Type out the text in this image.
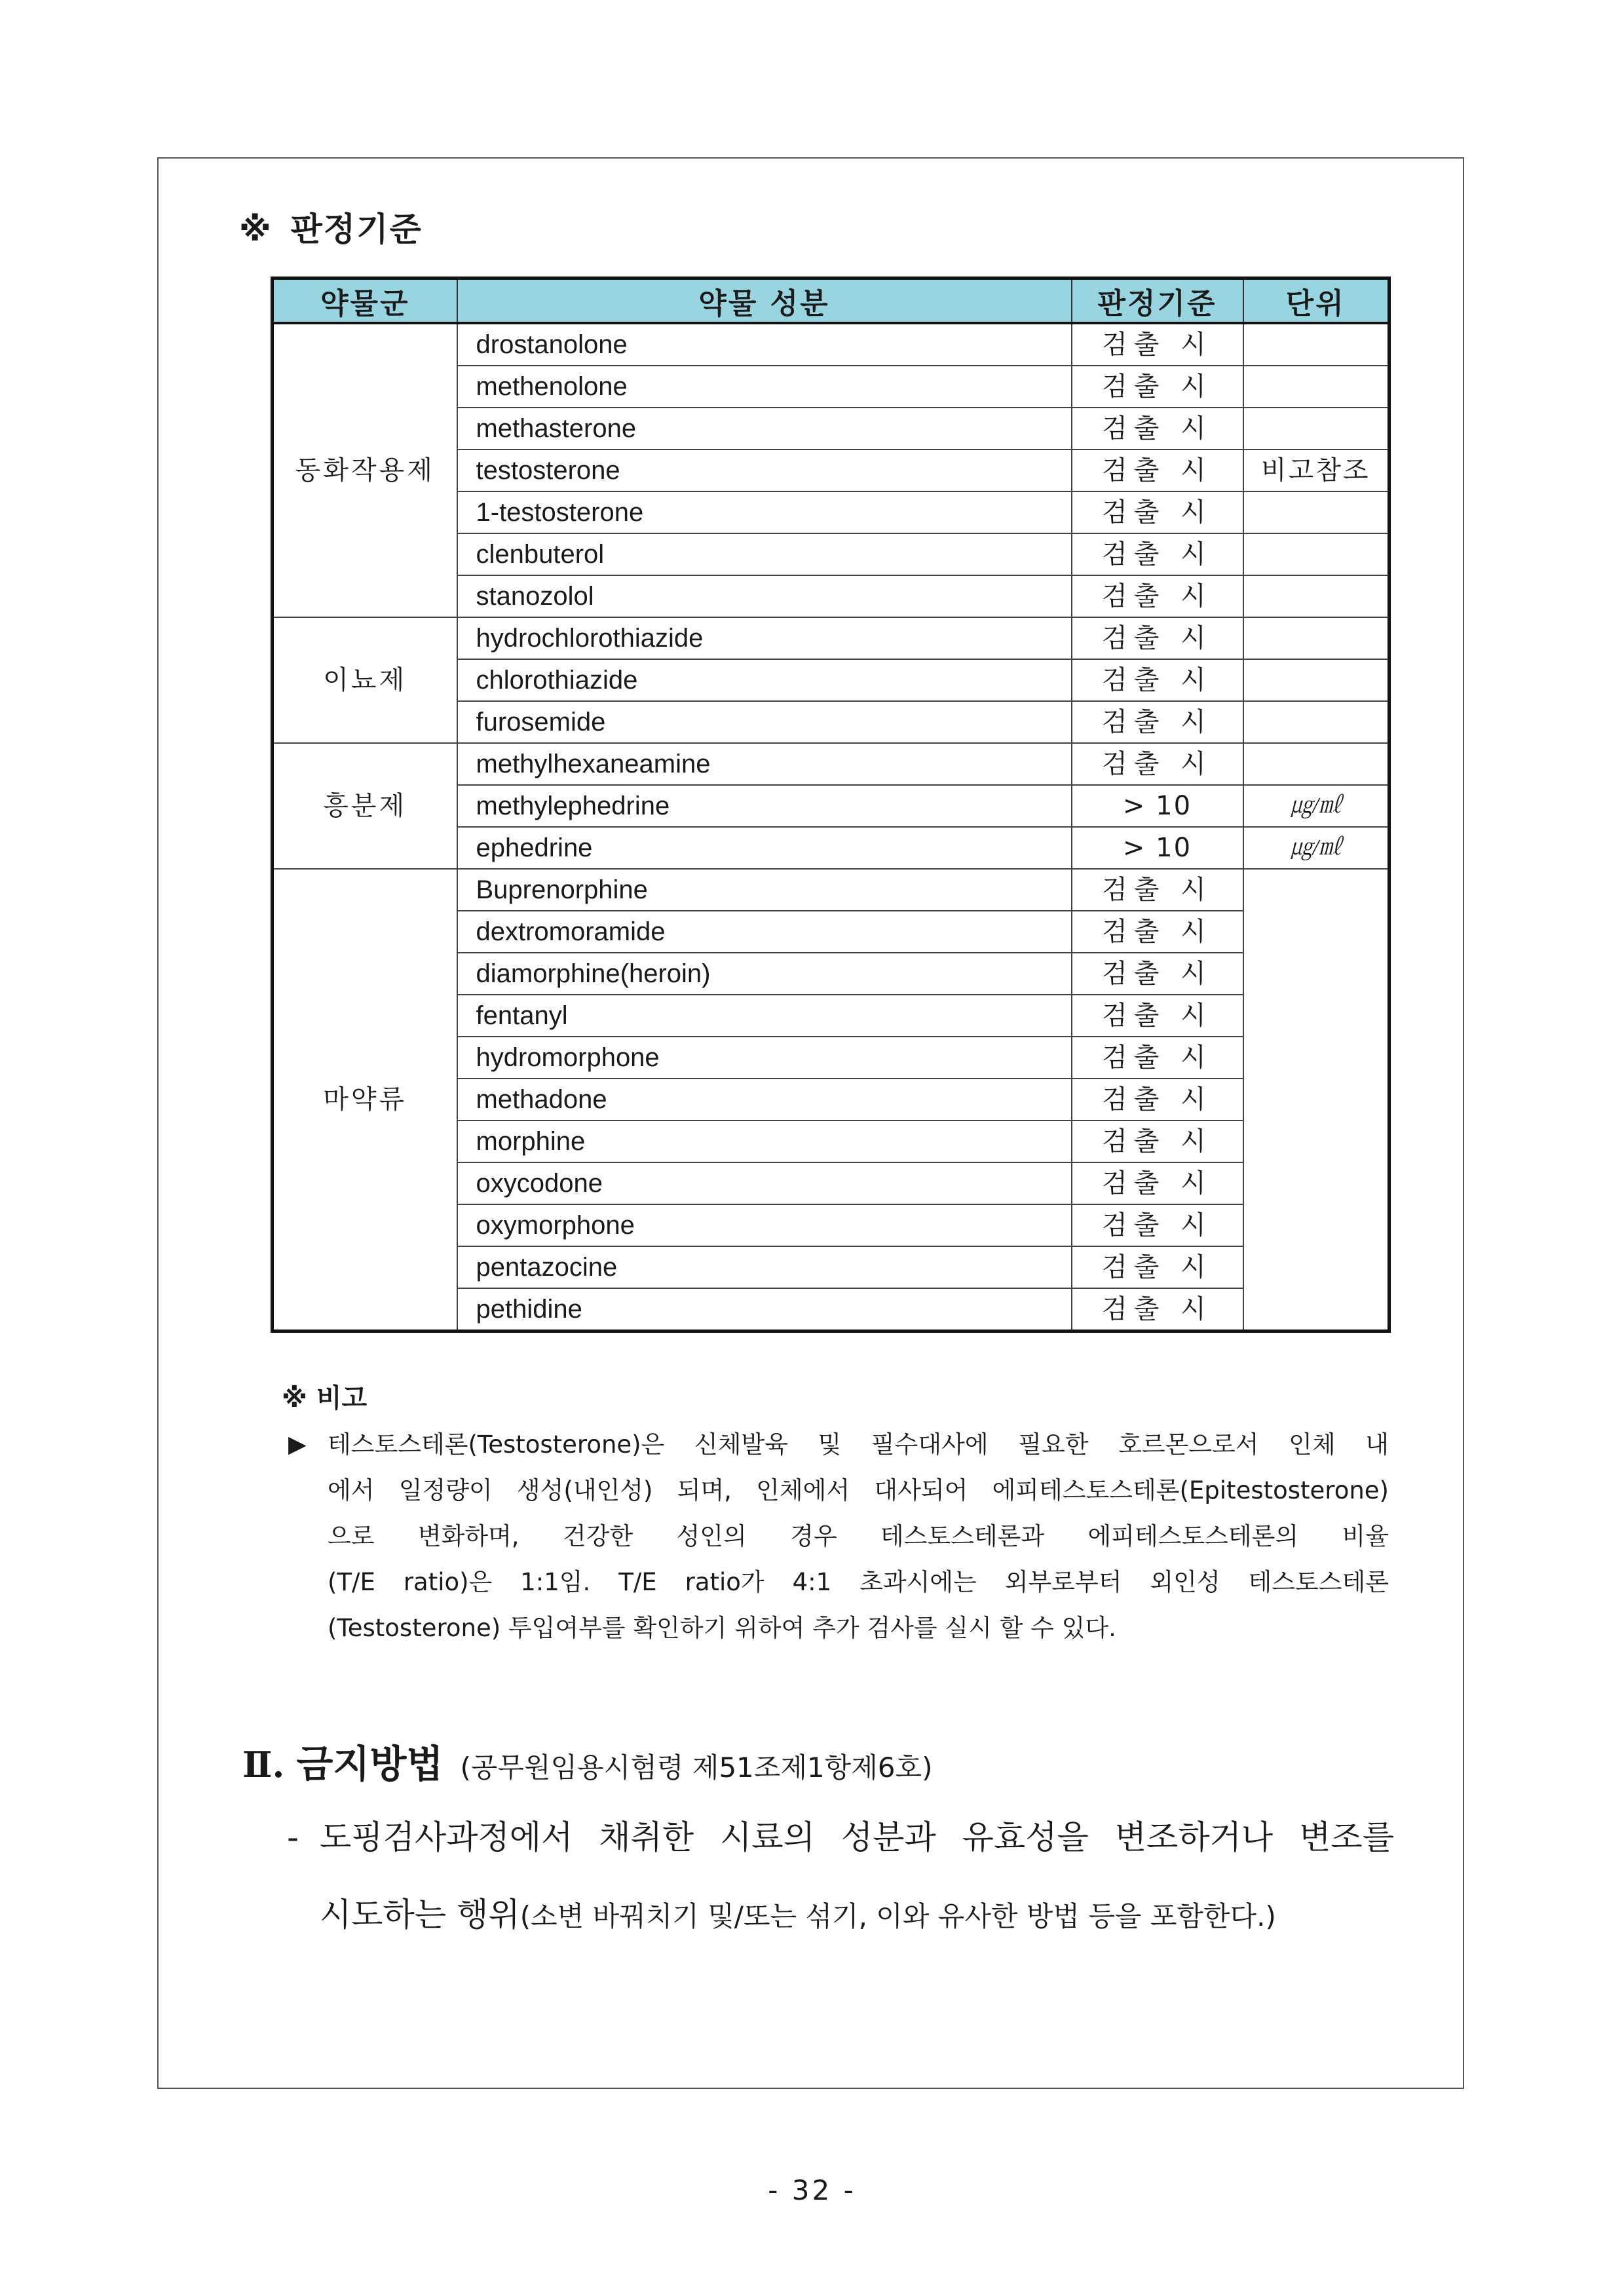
※ 판정기준
약물군	약물 성분	판정기준	단위
동화작용제	drostanolone	검출 시	
	methenolone	검출 시	
	methasterone	검출 시	
	testosterone	검출 시	비고참조
	1-testosterone	검출 시	
	clenbuterol	검출 시	
	stanozolol	검출 시	
이뇨제	hydrochlorothiazide	검출 시	
	chlorothiazide	검출 시	
	furosemide	검출 시	
흥분제	methylhexaneamine	검출 시	
	methylephedrine	> 10	㎍/㎖
	ephedrine	> 10	㎍/㎖
마약류	Buprenorphine	검출 시	
	dextromoramide	검출 시	
	diamorphine(heroin)	검출 시	
	fentanyl	검출 시	
	hydromorphone	검출 시	
	methadone	검출 시	
	morphine	검출 시	
	oxycodone	검출 시	
	oxymorphone	검출 시	
	pentazocine	검출 시	
	pethidine	검출 시	
※ 비고
▶ 테스토스테론(Testosterone)은 신체발육 및 필수대사에 필요한 호르몬으로서 인체 내

에서 일정량이 생성(내인성) 되며, 인체에서 대사되어 에피테스토스테론(Epitestosterone)

으로 변화하며, 건강한 성인의 경우 테스토스테론과 에피테스토스테론의 비율

(T/E ratio)은 1:1임. T/E ratio가 4:1 초과시에는 외부로부터 외인성 테스토스테론

(Testosterone) 투입여부를 확인하기 위하여 추가 검사를 실시 할 수 있다.

Ⅱ. 금지방법 (공무원임용시험령 제51조제1항제6호)
- 도핑검사과정에서 채취한 시료의 성분과 유효성을 변조하거나 변조를

시도하는 행위(소변 바꿔치기 및/또는 섞기, 이와 유사한 방법 등을 포함한다.)

- 32 -
